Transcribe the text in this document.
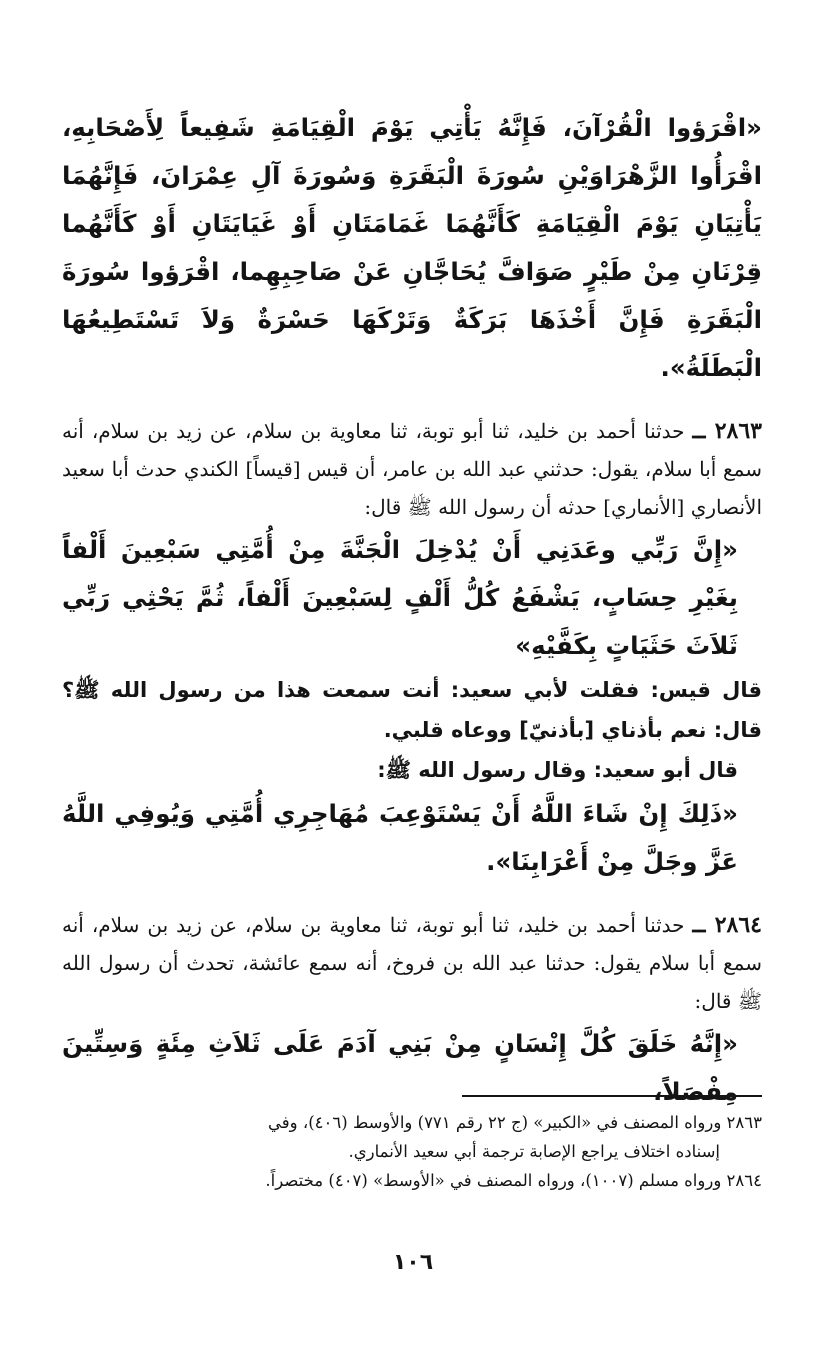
«اقْرَؤوا الْقُرْآنَ، فَإِنَّهُ يَأْتِي يَوْمَ الْقِيَامَةِ شَفِيعاً لِأَصْحَابِهِ، اقْرَأُوا الزَّهْرَاوَيْنِ سُورَةَ الْبَقَرَةِ وَسُورَةَ آلِ عِمْرَانَ، فَإِنَّهُمَا يَأْتِيَانِ يَوْمَ الْقِيَامَةِ كَأَنَّهُمَا غَمَامَتَانِ أَوْ غَيَايَتَانِ أَوْ كَأَنَّهُما قِرْنَانِ مِنْ طَيْرٍ صَوَافَّ يُحَاجَّانِ عَنْ صَاحِبِهِما، اقْرَؤوا سُورَةَ الْبَقَرَةِ فَإِنَّ أَخْذَهَا بَرَكَةٌ وَتَرْكَهَا حَسْرَةٌ وَلاَ تَسْتَطِيعُهَا الْبَطَلَةُ».

٢٨٦٣ ــ حدثنا أحمد بن خليد، ثنا أبو توبة، ثنا معاوية بن سلام، عن زيد بن سلام، أنه سمع أبا سلام، يقول: حدثني عبد الله بن عامر، أن قيس [قيساً] الكندي حدث أبا سعيد الأنصاري [الأنماري] حدثه أن رسول الله ﷺ قال:

«إِنَّ رَبِّي وعَدَنِي أَنْ يُدْخِلَ الْجَنَّةَ مِنْ أُمَّتِي سَبْعِينَ أَلْفاً بِغَيْرِ حِسَابٍ، يَشْفَعُ كُلُّ أَلْفٍ لِسَبْعِينَ أَلْفاً، ثُمَّ يَحْثِي رَبِّي ثَلاَثَ حَثَيَاتٍ بِكَفَّيْهِ»

قال قيس: فقلت لأبي سعيد: أنت سمعت هذا من رسول الله ﷺ؟ قال: نعم بأذناي [بأذنيّ] ووعاه قلبي.

قال أبو سعيد: وقال رسول الله ﷺ:

«ذَلِكَ إِنْ شَاءَ اللَّهُ أَنْ يَسْتَوْعِبَ مُهَاجِرِي أُمَّتِي وَيُوفِي اللَّهُ عَزَّ وجَلَّ مِنْ أَعْرَابِنَا».

٢٨٦٤ ــ حدثنا أحمد بن خليد، ثنا أبو توبة، ثنا معاوية بن سلام، عن زيد بن سلام، أنه سمع أبا سلام يقول: حدثنا عبد الله بن فروخ، أنه سمع عائشة، تحدث أن رسول الله ﷺ قال:

«إِنَّهُ خَلَقَ كُلَّ إِنْسَانٍ مِنْ بَنِي آدَمَ عَلَى ثَلاَثِ مِئَةٍ وَسِتِّينَ مِفْصَلاً،

٢٨٦٣ ورواه المصنف في «الكبير» (ج ٢٢ رقم ٧٧١) والأوسط (٤٠٦)، وفي

إسناده اختلاف يراجع الإصابة ترجمة أبي سعيد الأنماري.

٢٨٦٤ ورواه مسلم (١٠٠٧)، ورواه المصنف في «الأوسط» (٤٠٧) مختصراً.

١٠٦
